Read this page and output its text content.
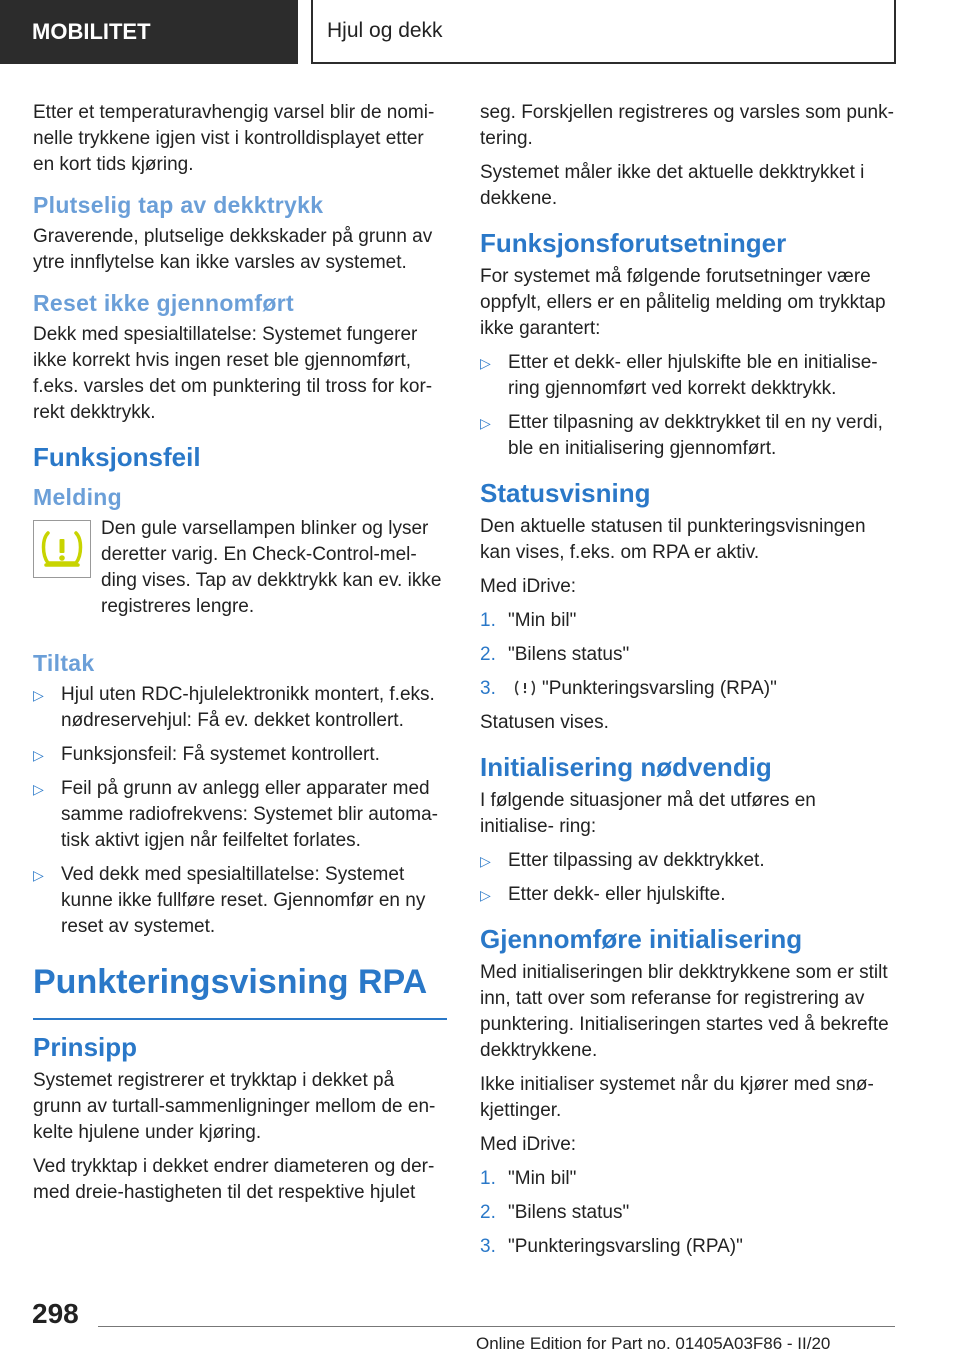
MOBILITET	Hjul og dekk

Etter et temperaturavhengig varsel blir de nomi- nelle trykkene igjen vist i kontrolldisplayet etter en kort tids kjøring.

Plutselig tap av dekktrykk

Graverende, plutselige dekkskader på grunn av ytre innflytelse kan ikke varsles av systemet.

Reset ikke gjennomført

Dekk med spesialtillatelse: Systemet fungerer ikke korrekt hvis ingen reset ble gjennomført, f.eks. varsles det om punktering til tross for kor- rekt dekktrykk.

Funksjonsfeil
Melding

Den gule varsellampen blinker og lyser deretter varig. En Check-Control-mel- ding vises. Tap av dekktrykk kan ev. ikke registreres lengre.

Tiltak
▷ Hjul uten RDC-hjulelektronikk montert, f.eks. nødreservehjul: Få ev. dekket kontrollert.
▷ Funksjonsfeil: Få systemet kontrollert.
▷ Feil på grunn av anlegg eller apparater med samme radiofrekvens: Systemet blir automa- tisk aktivt igjen når feilfeltet forlates.
▷ Ved dekk med spesialtillatelse: Systemet kunne ikke fullføre reset. Gjennomfør en ny reset av systemet.
Punkteringsvisning RPA
Prinsipp

Systemet registrerer et trykktap i dekket på grunn av turtall-sammenligninger mellom de en- kelte hjulene under kjøring.

Ved trykktap i dekket endrer diameteren og der- med dreie-hastigheten til det respektive hjulet

seg. Forskjellen registreres og varsles som punk- tering.

Systemet måler ikke det aktuelle dekktrykket i dekkene.

Funksjonsforutsetninger

For systemet må følgende forutsetninger være oppfylt, ellers er en pålitelig melding om trykktap ikke garantert:

▷ Etter et dekk- eller hjulskifte ble en initialise- ring gjennomført ved korrekt dekktrykk.
▷ Etter tilpasning av dekktrykket til en ny verdi, ble en initialisering gjennomført.
Statusvisning

Den aktuelle statusen til punkteringsvisningen kan vises, f.eks. om RPA er aktiv.

Med iDrive:

1. "Min bil"
2. "Bilens status"
3. "Punkteringsvarsling (RPA)"

Statusen vises.

Initialisering nødvendig

I følgende situasjoner må det utføres en initialise- ring:

▷ Etter tilpassing av dekktrykket.
▷ Etter dekk- eller hjulskifte.
Gjennomføre initialisering

Med initialiseringen blir dekktrykkene som er stilt inn, tatt over som referanse for registrering av punktering. Initialiseringen startes ved å bekrefte dekktrykkene.

Ikke initialiser systemet når du kjører med snø- kjettinger.

Med iDrive:

1. "Min bil"
2. "Bilens status"
3. "Punkteringsvarsling (RPA)"
298
Online Edition for Part no. 01405A03F86 - II/20
